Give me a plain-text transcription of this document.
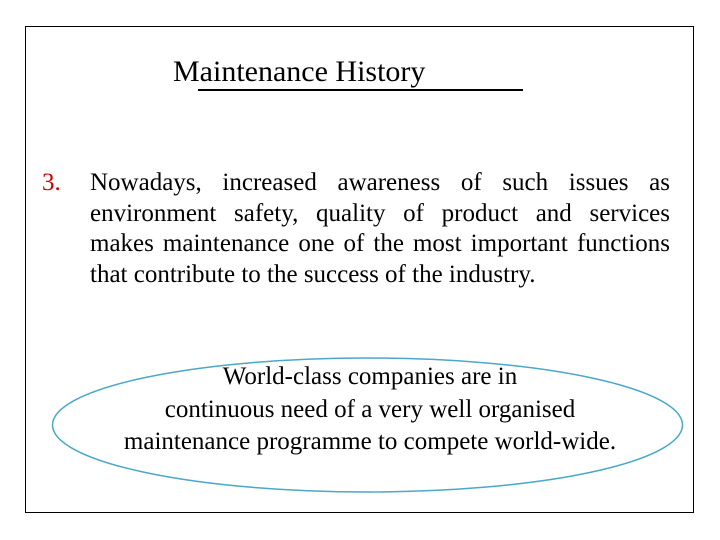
Maintenance History
3. Nowadays, increased awareness of such issues as environment safety, quality of product and services makes maintenance one of the most important functions that contribute to the success of the industry.
World-class companies are in
continuous need of a very well organised
maintenance programme to compete world-wide.
